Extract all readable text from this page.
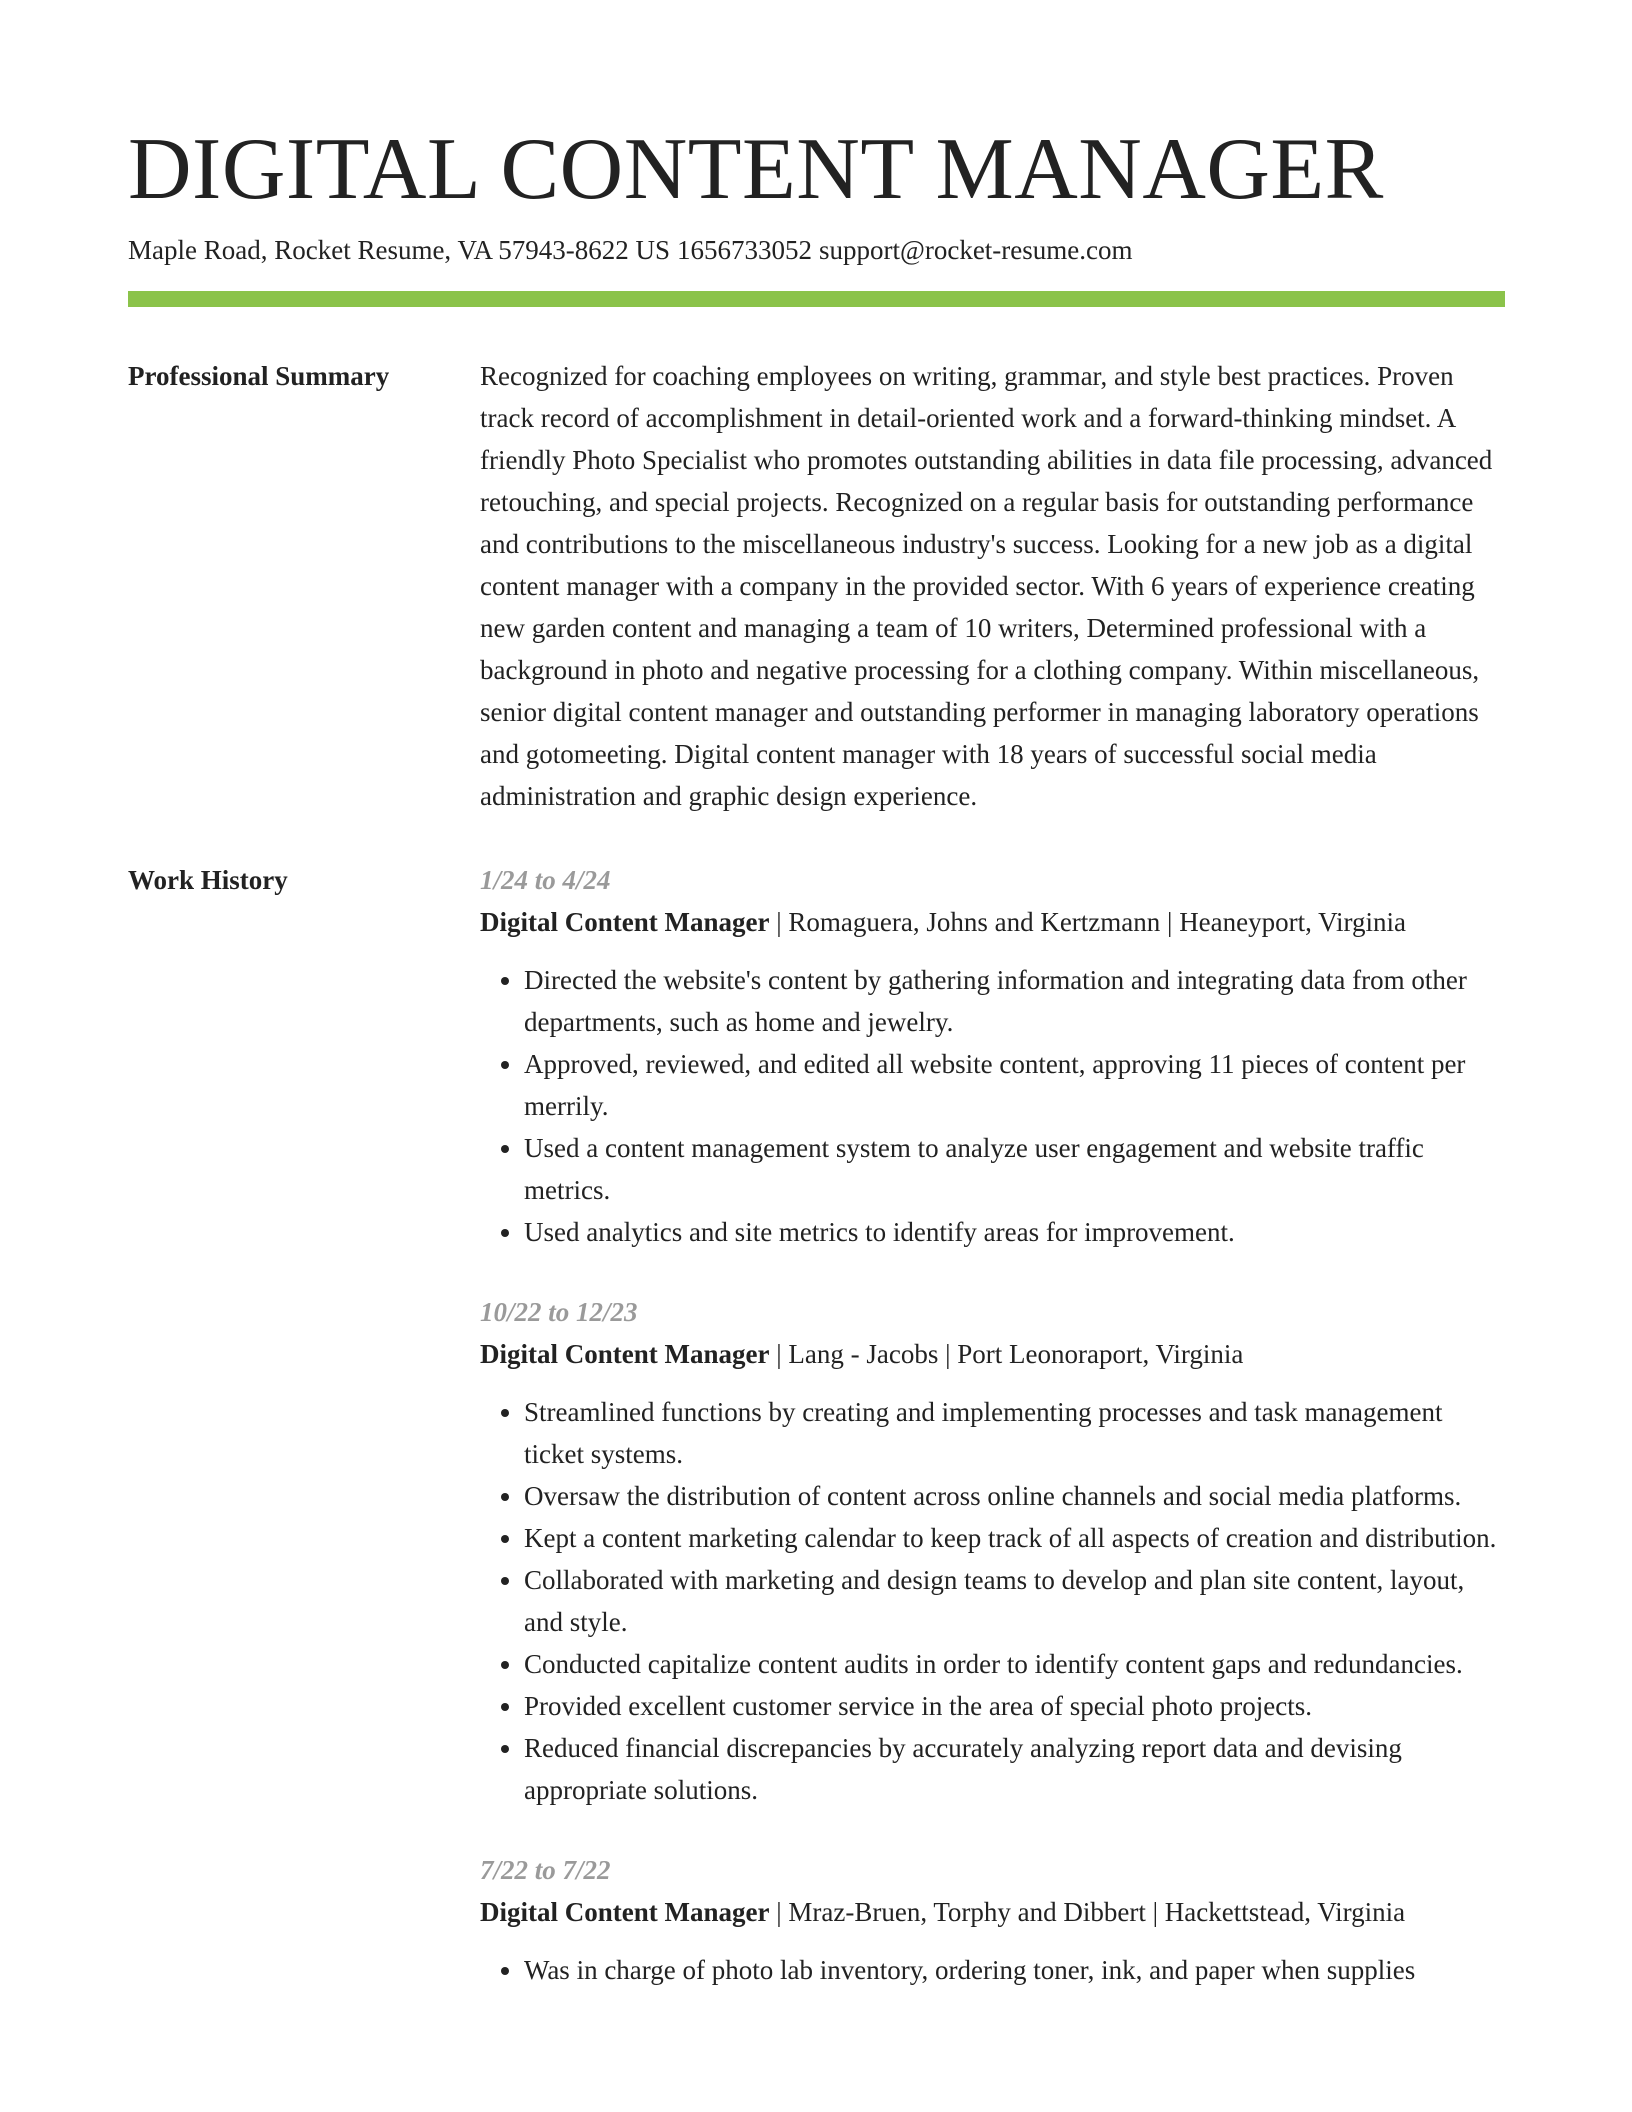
DIGITAL CONTENT MANAGER
Maple Road, Rocket Resume, VA 57943-8622 US 1656733052 support@rocket-resume.com
Professional Summary	Recognized for coaching employees on writing, grammar, and style best practices. Proven track record of accomplishment in detail-oriented work and a forward-thinking mindset. A friendly Photo Specialist who promotes outstanding abilities in data file processing, advanced retouching, and special projects. Recognized on a regular basis for outstanding performance and contributions to the miscellaneous industry's success. Looking for a new job as a digital content manager with a company in the provided sector. With 6 years of experience creating new garden content and managing a team of 10 writers, Determined professional with a background in photo and negative processing for a clothing company. Within miscellaneous, senior digital content manager and outstanding performer in managing laboratory operations and gotomeeting. Digital content manager with 18 years of successful social media administration and graphic design experience.

Work History	1/24 to 4/24
Digital Content Manager | Romaguera, Johns and Kertzmann | Heaneyport, Virginia
• Directed the website's content by gathering information and integrating data from other departments, such as home and jewelry.
• Approved, reviewed, and edited all website content, approving 11 pieces of content per merrily.
• Used a content management system to analyze user engagement and website traffic metrics.
• Used analytics and site metrics to identify areas for improvement.
10/22 to 12/23
Digital Content Manager | Lang - Jacobs | Port Leonoraport, Virginia
• Streamlined functions by creating and implementing processes and task management ticket systems.
• Oversaw the distribution of content across online channels and social media platforms.
• Kept a content marketing calendar to keep track of all aspects of creation and distribution.
• Collaborated with marketing and design teams to develop and plan site content, layout, and style.
• Conducted capitalize content audits in order to identify content gaps and redundancies.
• Provided excellent customer service in the area of special photo projects.
• Reduced financial discrepancies by accurately analyzing report data and devising appropriate solutions.
7/22 to 7/22
Digital Content Manager | Mraz-Bruen, Torphy and Dibbert | Hackettstead, Virginia
• Was in charge of photo lab inventory, ordering toner, ink, and paper when supplies
